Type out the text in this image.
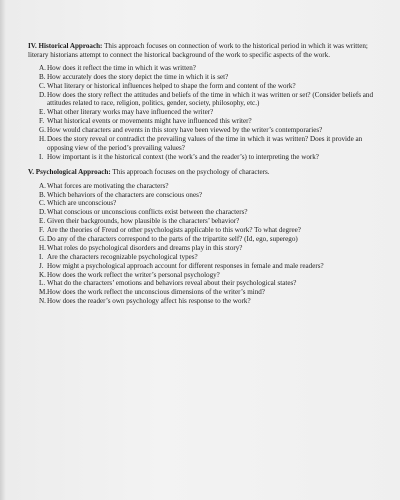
IV. Historical Approach: This approach focuses on connection of work to the historical period in which it was written; literary historians attempt to connect the historical background of the work to specific aspects of the work.

A . How does it reflect the time in which it was written?
B . How accurately does the story depict the time in which it is set?
C . What literary or historical influences helped to shape the form and content of the work?
D . How does the story reflect the attitudes and beliefs of the time in which it was written or set? (Consider beliefs and attitudes related to race, religion, politics, gender, society, philosophy, etc.)
E . What other literary works may have influenced the writer?
F . What historical events or movements might have influenced this writer?
G . How would characters and events in this story have been viewed by the writer’s contemporaries?
H . Does the story reveal or contradict the prevailing values of the time in which it was written? Does it provide an opposing view of the period’s prevailing values?
I . How important is it the historical context (the work’s and the reader’s) to interpreting the work?

V. Psychological Approach: This approach focuses on the psychology of characters.

A . What forces are motivating the characters?
B . Which behaviors of the characters are conscious ones?
C . Which are unconscious?
D . What conscious or unconscious conflicts exist between the characters?
E . Given their backgrounds, how plausible is the characters’ behavior?
F . Are the theories of Freud or other psychologists applicable to this work? To what degree?
G . Do any of the characters correspond to the parts of the tripartite self? (Id, ego, superego)
H . What roles do psychological disorders and dreams play in this story?
I . Are the characters recognizable psychological types?
J . How might a psychological approach account for different responses in female and male readers?
K . How does the work reflect the writer’s personal psychology?
L . What do the characters’ emotions and behaviors reveal about their psychological states?
M . How does the work reflect the unconscious dimensions of the writer’s mind?
N . How does the reader’s own psychology affect his response to the work?
